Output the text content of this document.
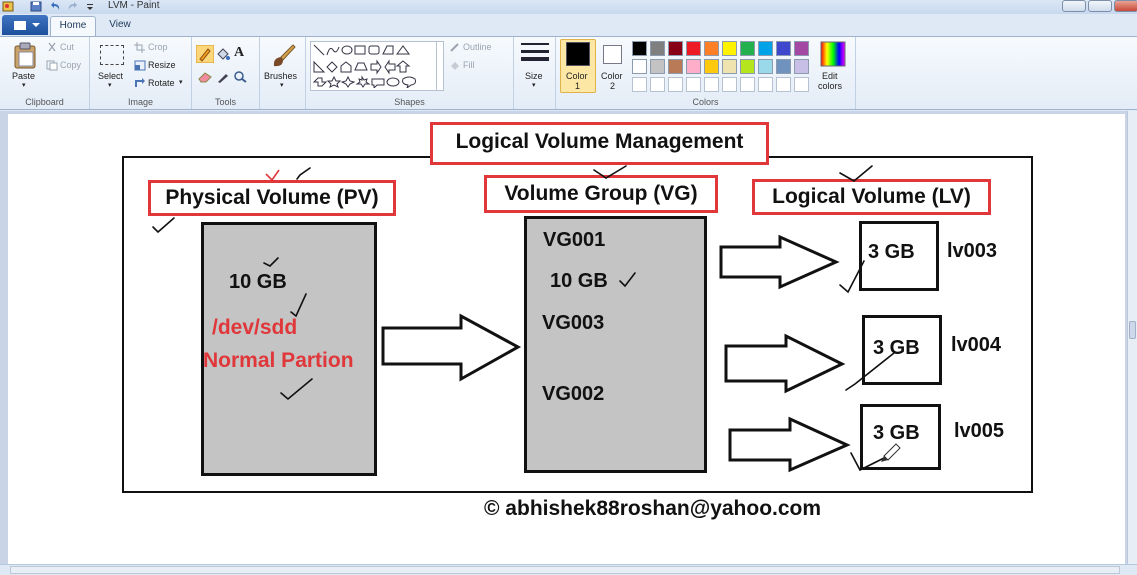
LVM - Paint
Home	View
Paste
▾
Cut
Copy
Clipboard
Select
▾
Crop
Resize
Rotate ▾
Image
A
Tools
Brushes
▾
Outline
Fill
Shapes
Size
▾
Color
1
Color
2
Edit
colors
Colors
Logical Volume Management
Physical Volume (PV)
10 GB
/dev/sdd
Normal Partion
Volume Group (VG)
VG001
10 GB
VG003
VG002
Logical Volume (LV)
3 GB lv003
3 GB lv004
3 GB lv005
© abhishek88roshan@yahoo.com
